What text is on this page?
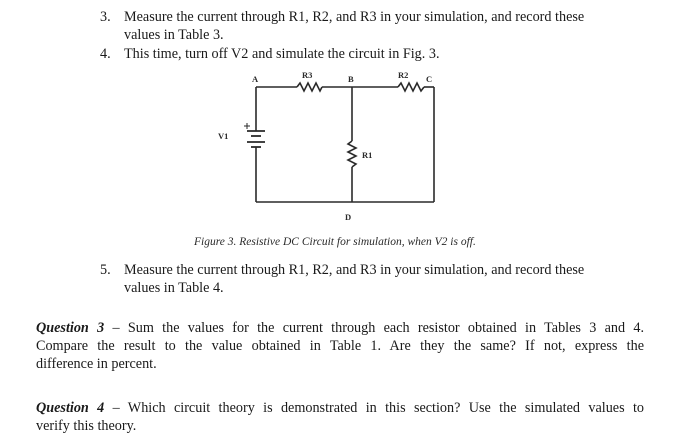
3. Measure the current through R1, R2, and R3 in your simulation, and record these
values in Table 3.
4. This time, turn off V2 and simulate the circuit in Fig. 3.
A	R3	B	R2 C
V1
R1
D
Figure 3. Resistive DC Circuit for simulation, when V2 is off.
5. Measure the current through R1, R2, and R3 in your simulation, and record these
values in Table 4.
Question 3 – Sum the values for the current through each resistor obtained in Tables 3 and 4.
Compare the result to the value obtained in Table 1. Are they the same? If not, express the
difference in percent.
Question 4 – Which circuit theory is demonstrated in this section? Use the simulated values to
verify this theory.
